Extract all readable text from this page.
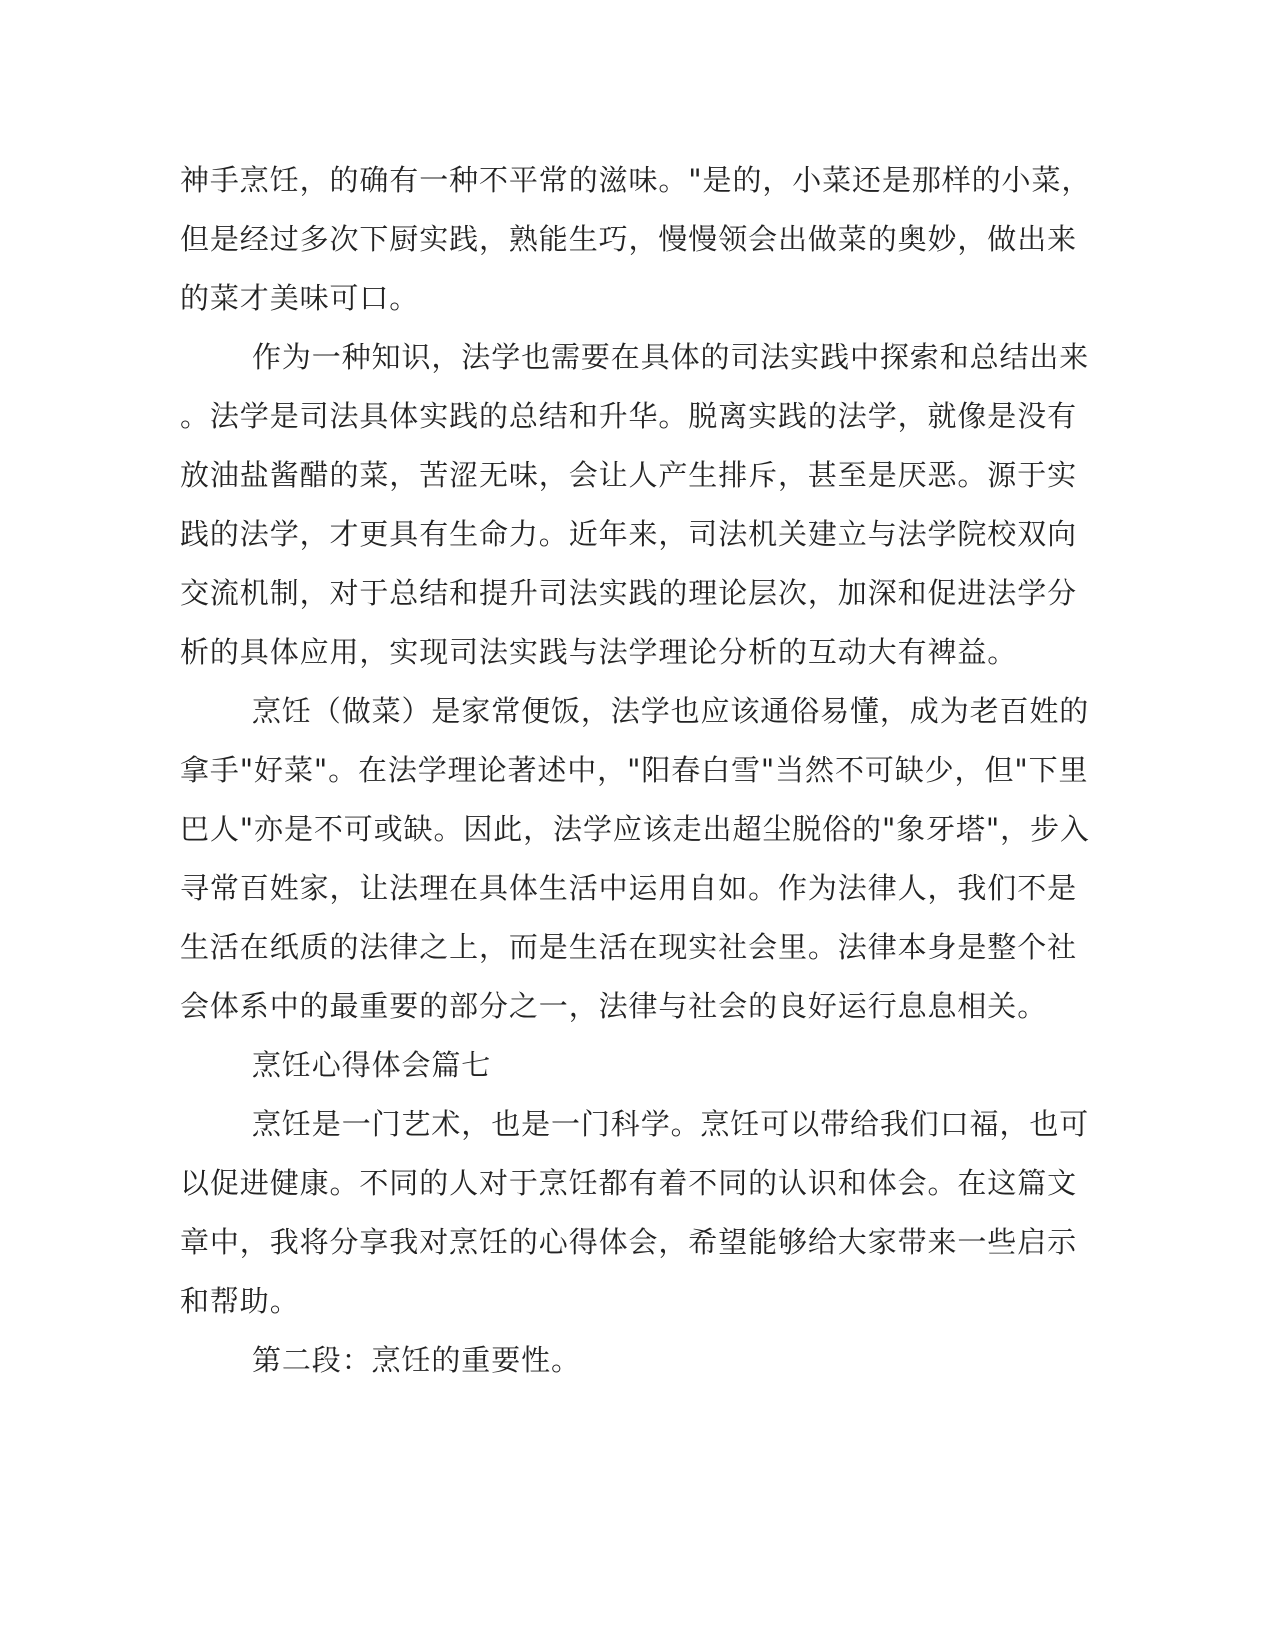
神手烹饪，的确有一种不平常的滋味。"是的，小菜还是那样的小菜，

但是经过多次下厨实践，熟能生巧，慢慢领会出做菜的奥妙，做出来

的菜才美味可口。

作为一种知识，法学也需要在具体的司法实践中探索和总结出来

。法学是司法具体实践的总结和升华。脱离实践的法学，就像是没有

放油盐酱醋的菜，苦涩无味，会让人产生排斥，甚至是厌恶。源于实

践的法学，才更具有生命力。近年来，司法机关建立与法学院校双向

交流机制，对于总结和提升司法实践的理论层次，加深和促进法学分

析的具体应用，实现司法实践与法学理论分析的互动大有裨益。

烹饪（做菜）是家常便饭，法学也应该通俗易懂，成为老百姓的

拿手"好菜"。在法学理论著述中，"阳春白雪"当然不可缺少，但"下里

巴人"亦是不可或缺。因此，法学应该走出超尘脱俗的"象牙塔"，步入

寻常百姓家，让法理在具体生活中运用自如。作为法律人，我们不是

生活在纸质的法律之上，而是生活在现实社会里。法律本身是整个社

会体系中的最重要的部分之一，法律与社会的良好运行息息相关。

烹饪心得体会篇七

烹饪是一门艺术，也是一门科学。烹饪可以带给我们口福，也可

以促进健康。不同的人对于烹饪都有着不同的认识和体会。在这篇文

章中，我将分享我对烹饪的心得体会，希望能够给大家带来一些启示

和帮助。

第二段：烹饪的重要性。
